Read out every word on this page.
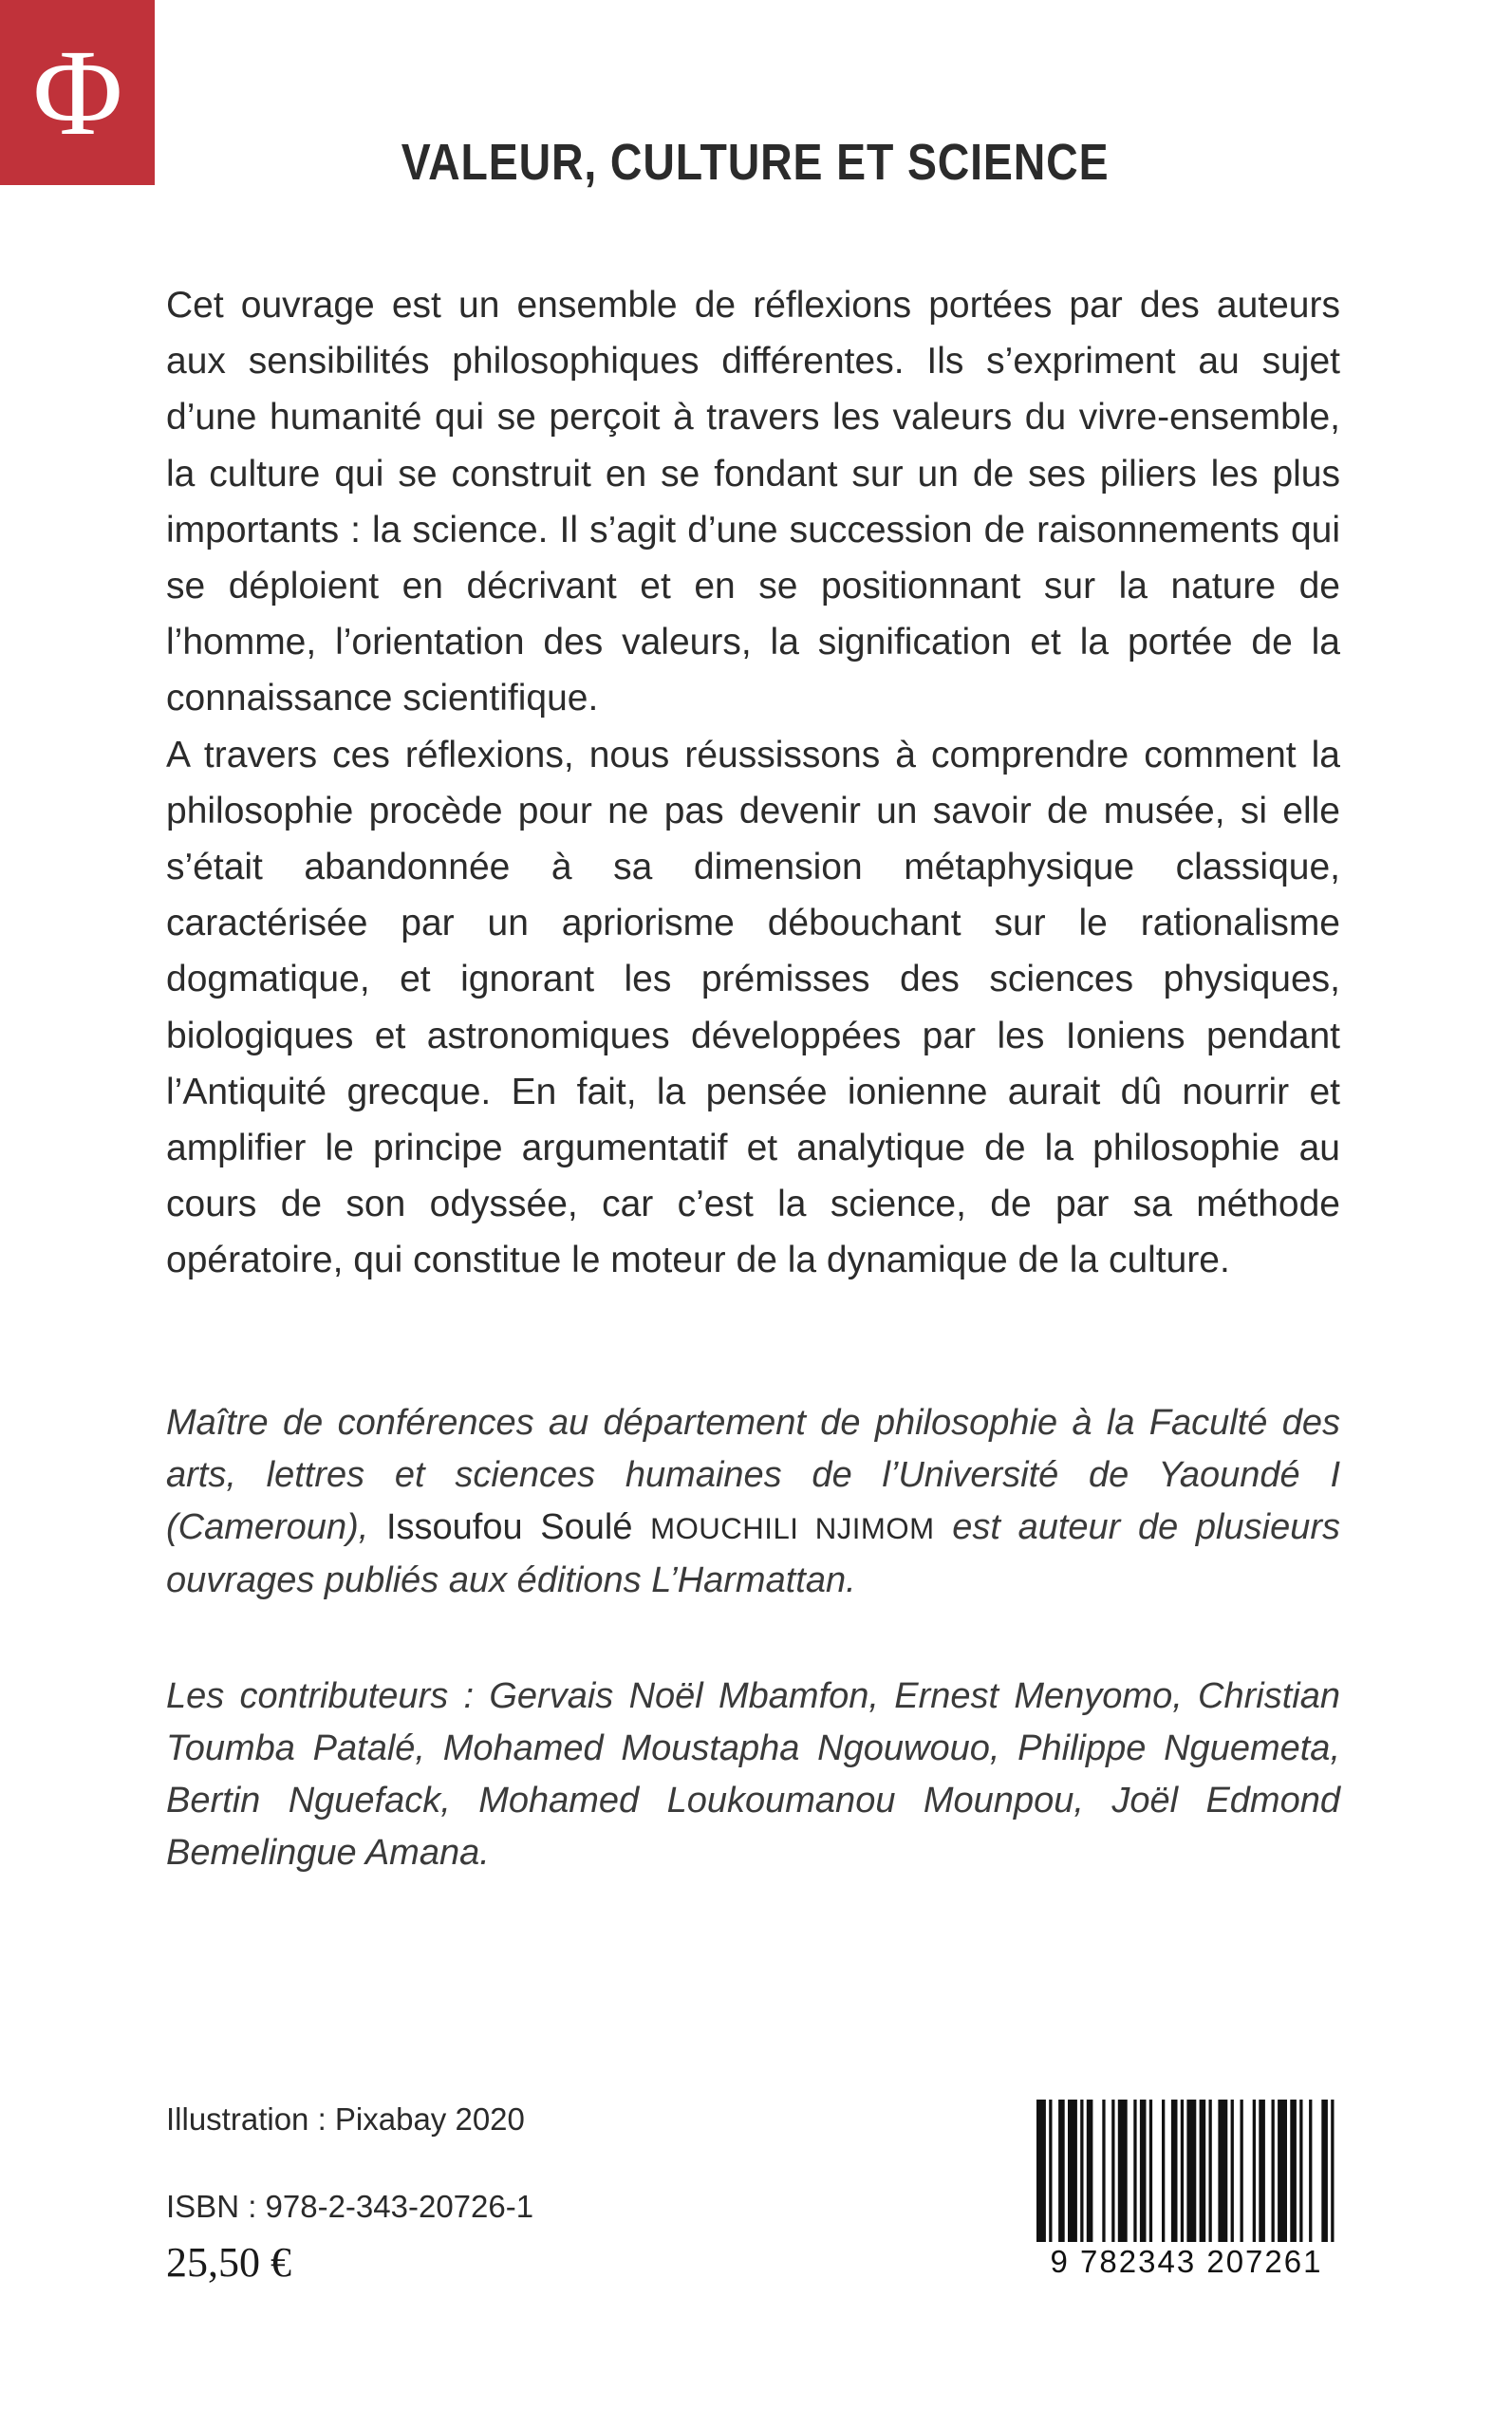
Φ
VALEUR, CULTURE ET SCIENCE

Cet ouvrage est un ensemble de réflexions portées par des auteurs aux sensibilités philosophiques différentes. Ils s’expriment au sujet d’une humanité qui se perçoit à travers les valeurs du vivre-ensemble, la culture qui se construit en se fondant sur un de ses piliers les plus importants : la science. Il s’agit d’une succession de raisonnements qui se déploient en décrivant et en se positionnant sur la nature de l’homme, l’orientation des valeurs, la signification et la portée de la connaissance scientifique.

A travers ces réflexions, nous réussissons à comprendre comment la philosophie procède pour ne pas devenir un savoir de musée, si elle s’était abandonnée à sa dimension métaphysique classique, caractérisée par un apriorisme débouchant sur le rationalisme dogmatique, et ignorant les prémisses des sciences physiques, biologiques et astronomiques développées par les Ioniens pendant l’Antiquité grecque. En fait, la pensée ionienne aurait dû nourrir et amplifier le principe argumentatif et analytique de la philosophie au cours de son odyssée, car c’est la science, de par sa méthode opératoire, qui constitue le moteur de la dynamique de la culture.

Maître de conférences au département de philosophie à la Faculté des arts, lettres et sciences humaines de l’Université de Yaoundé I (Cameroun), Issoufou Soulé MOUCHILI NJIMOM est auteur de plusieurs ouvrages publiés aux éditions L’Harmattan.

Les contributeurs : Gervais Noël Mbamfon, Ernest Menyomo, Christian Toumba Patalé, Mohamed Moustapha Ngouwouo, Philippe Nguemeta, Bertin Nguefack, Mohamed Loukoumanou Mounpou, Joël Edmond Bemelingue Amana.

Illustration : Pixabay 2020
ISBN : 978-2-343-20726-1
25,50 €	9 782343 207261
